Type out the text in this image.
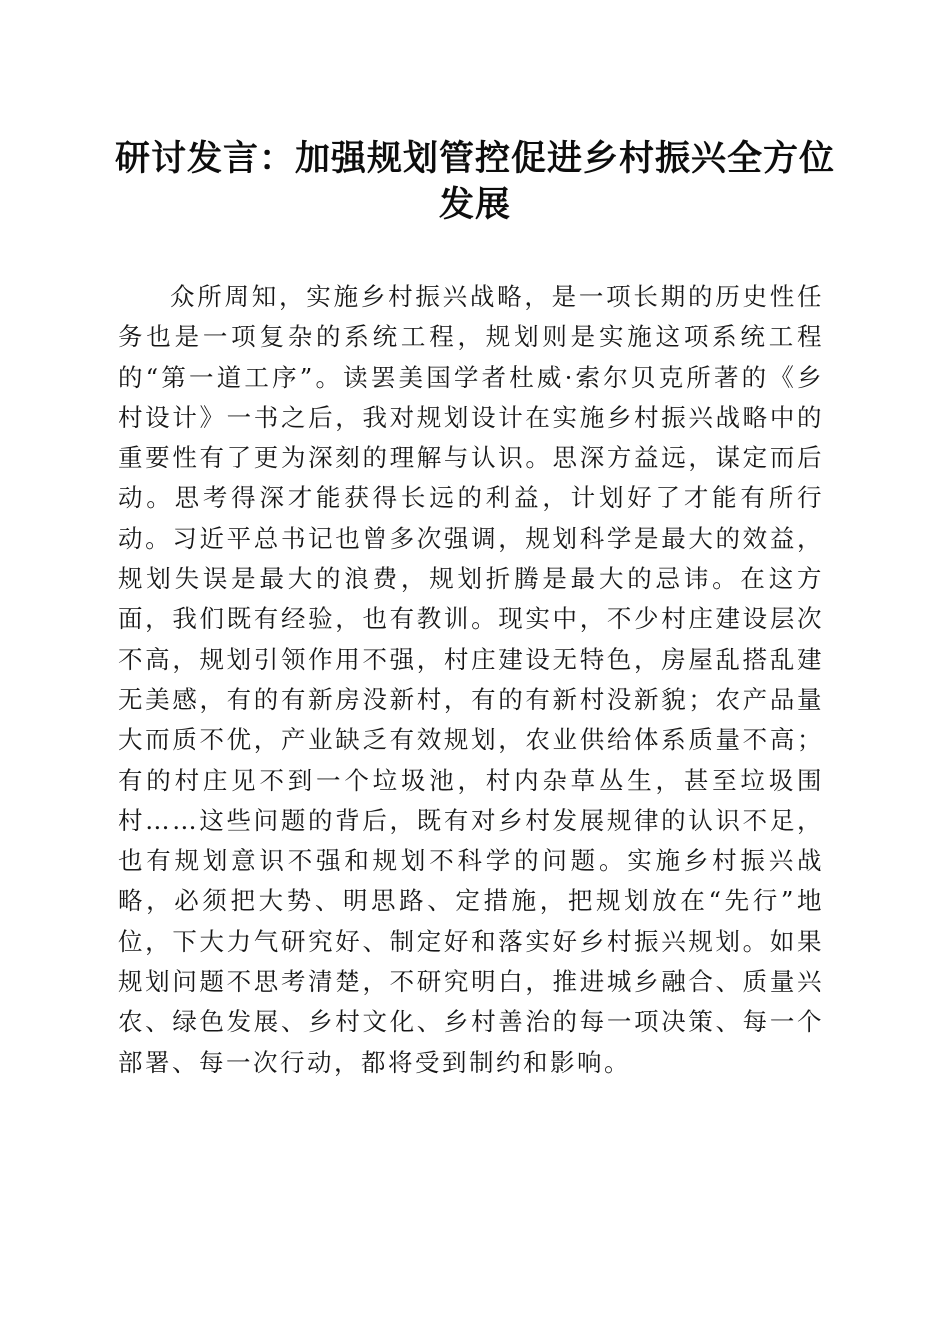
研讨发言：加强规划管控促进乡村振兴全方位发展

众所周知，实施乡村振兴战略，是一项长期的历史性任务也是一项复杂的系统工程，规划则是实施这项系统工程的“第一道工序”。读罢美国学者杜威·索尔贝克所著的《乡村设计》一书之后，我对规划设计在实施乡村振兴战略中的重要性有了更为深刻的理解与认识。思深方益远，谋定而后动。思考得深才能获得长远的利益，计划好了才能有所行动。习近平总书记也曾多次强调，规划科学是最大的效益，规划失误是最大的浪费，规划折腾是最大的忌讳。在这方面，我们既有经验，也有教训。现实中，不少村庄建设层次不高，规划引领作用不强，村庄建设无特色，房屋乱搭乱建无美感，有的有新房没新村，有的有新村没新貌；农产品量大而质不优，产业缺乏有效规划，农业供给体系质量不高；有的村庄见不到一个垃圾池，村内杂草丛生，甚至垃圾围村……这些问题的背后，既有对乡村发展规律的认识不足，也有规划意识不强和规划不科学的问题。实施乡村振兴战略，必须把大势、明思路、定措施，把规划放在“先行”地位，下大力气研究好、制定好和落实好乡村振兴规划。如果规划问题不思考清楚，不研究明白，推进城乡融合、质量兴农、绿色发展、乡村文化、乡村善治的每一项决策、每一个部署、每一次行动，都将受到制约和影响。
